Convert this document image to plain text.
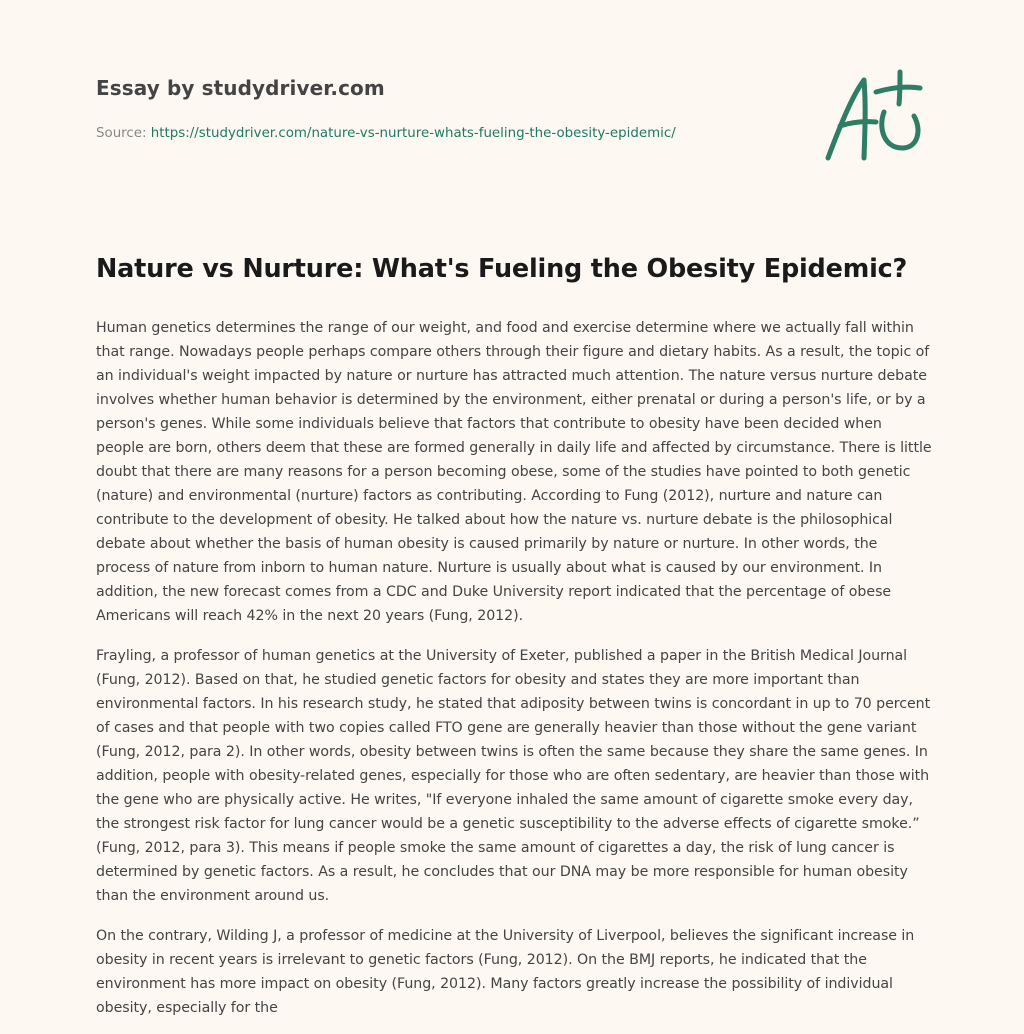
Essay by studydriver.com
Source: https://studydriver.com/nature-vs-nurture-whats-fueling-the-obesity-epidemic/
Nature vs Nurture: What's Fueling the Obesity Epidemic?

Human genetics determines the range of our weight, and food and exercise determine where we actually fall within that range. Nowadays people perhaps compare others through their figure and dietary habits. As a result, the topic of an individual's weight impacted by nature or nurture has attracted much attention. The nature versus nurture debate involves whether human behavior is determined by the environment, either prenatal or during a person's life, or by a person's genes. While some individuals believe that factors that contribute to obesity have been decided when people are born, others deem that these are formed generally in daily life and affected by circumstance. There is little doubt that there are many reasons for a person becoming obese, some of the studies have pointed to both genetic (nature) and environmental (nurture) factors as contributing. According to Fung (2012), nurture and nature can contribute to the development of obesity. He talked about how the nature vs. nurture debate is the philosophical debate about whether the basis of human obesity is caused primarily by nature or nurture. In other words, the process of nature from inborn to human nature. Nurture is usually about what is caused by our environment. In addition, the new forecast comes from a CDC and Duke University report indicated that the percentage of obese Americans will reach 42% in the next 20 years (Fung, 2012).

Frayling, a professor of human genetics at the University of Exeter, published a paper in the British Medical Journal (Fung, 2012). Based on that, he studied genetic factors for obesity and states they are more important than environmental factors. In his research study, he stated that adiposity between twins is concordant in up to 70 percent of cases and that people with two copies called FTO gene are generally heavier than those without the gene variant (Fung, 2012, para 2). In other words, obesity between twins is often the same because they share the same genes. In addition, people with obesity-related genes, especially for those who are often sedentary, are heavier than those with the gene who are physically active. He writes, "If everyone inhaled the same amount of cigarette smoke every day, the strongest risk factor for lung cancer would be a genetic susceptibility to the adverse effects of cigarette smoke.” (Fung, 2012, para 3). This means if people smoke the same amount of cigarettes a day, the risk of lung cancer is determined by genetic factors. As a result, he concludes that our DNA may be more responsible for human obesity than the environment around us.

On the contrary, Wilding J, a professor of medicine at the University of Liverpool, believes the significant increase in obesity in recent years is irrelevant to genetic factors (Fung, 2012). On the BMJ reports, he indicated that the environment has more impact on obesity (Fung, 2012). Many factors greatly increase the possibility of individual obesity, especially for the
